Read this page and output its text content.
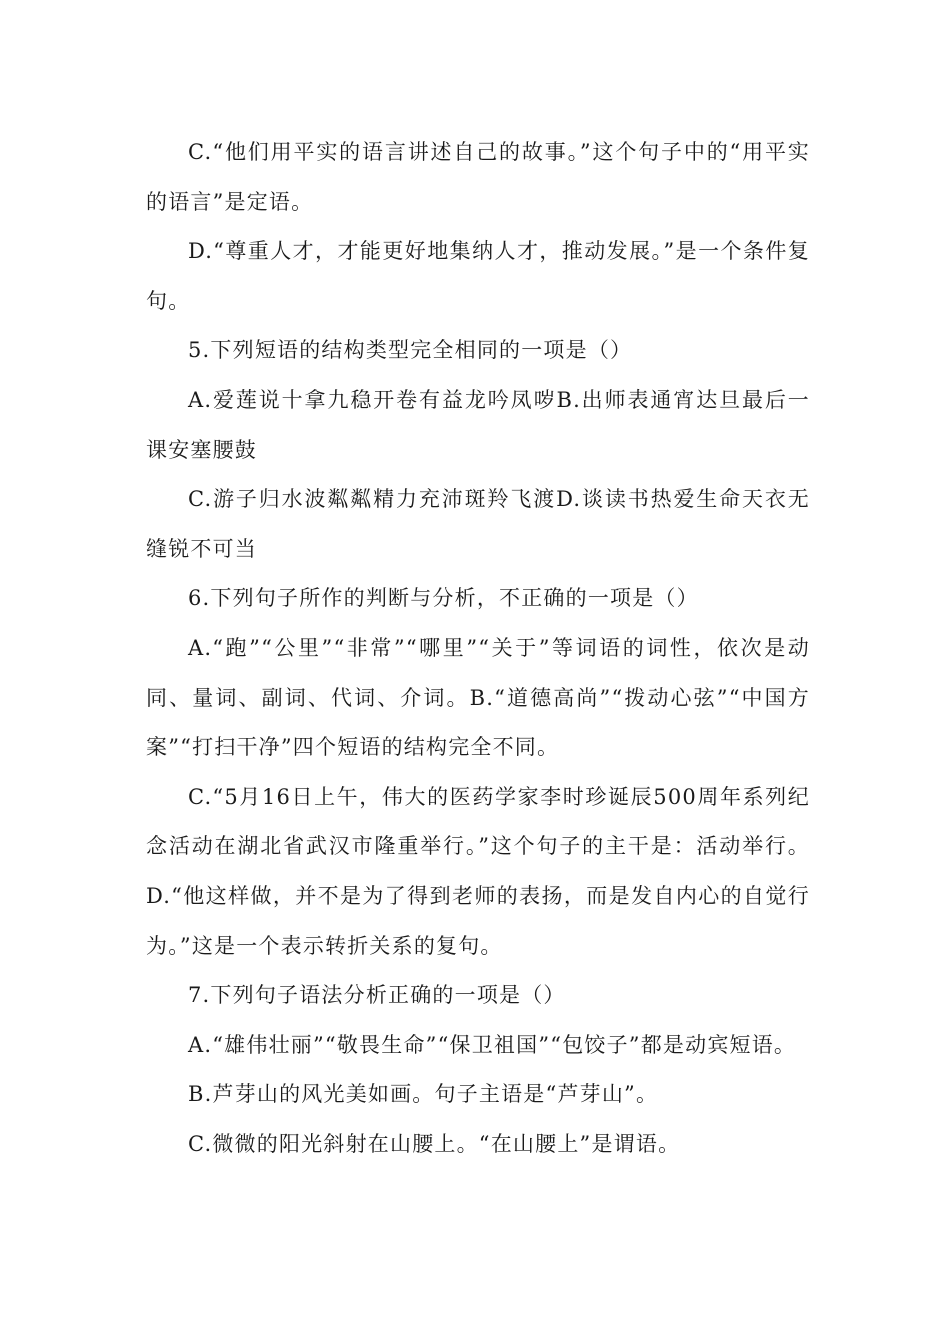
C.“他们用平实的语言讲述自己的故事。”这个句子中的“用平实的语言”是定语。

D.“尊重人才，才能更好地集纳人才，推动发展。”是一个条件复句。

5.下列短语的结构类型完全相同的一项是（）

A.爱莲说十拿九稳开卷有益龙吟凤哕B.出师表通宵达旦最后一课安塞腰鼓

C.游子归水波粼粼精力充沛斑羚飞渡D.谈读书热爱生命天衣无缝锐不可当

6.下列句子所作的判断与分析，不正确的一项是（）

A.“跑”“公里”“非常”“哪里”“关于”等词语的词性，依次是动同、量词、副词、代词、介词。B.“道德高尚”“拨动心弦”“中国方案”“打扫干净”四个短语的结构完全不同。

C.“5月16日上午，伟大的医药学家李时珍诞辰500周年系列纪念活动在湖北省武汉市隆重举行。”这个句子的主干是：活动举行。D.“他这样做，并不是为了得到老师的表扬，而是发自内心的自觉行为。”这是一个表示转折关系的复句。

7.下列句子语法分析正确的一项是（）

A.“雄伟壮丽”“敬畏生命”“保卫祖国”“包饺子”都是动宾短语。

B.芦芽山的风光美如画。句子主语是“芦芽山”。

C.微微的阳光斜射在山腰上。“在山腰上”是谓语。
